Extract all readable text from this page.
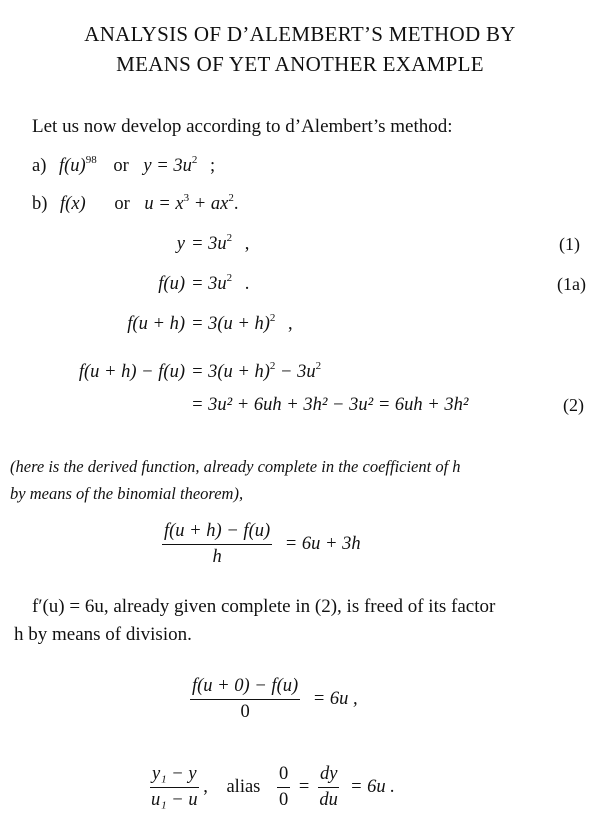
ANALYSIS OF D’ALEMBERT’S METHOD BY
MEANS OF YET ANOTHER EXAMPLE
Let us now develop according to d’Alembert’s method:
a) $f(u)^{98}$ or $y = 3u^2$ ;
b) f(x) or $u = x^3 + ax^2$.
$y = 3u^2$ ,	(1)
$f(u) = 3u^2$ .	(1a)
$f(u + h) = 3(u + h)^2$ ,
$f(u + h) - f(u) = 3(u + h)^2 - 3u^2$
= 3u² + 6uh + 3h² − 3u² = 6uh + 3h²	(2)
(here is the derived function, already complete in the coefficient of h
by means of the binomial theorem),
$\frac{f(u + h) - f(u)}{h} = 6u + 3h$
f′(u) = 6u, already given complete in (2), is freed of its factor
h by means of division.
$\frac{f(u + 0) - f(u)}{0} = 6u$ ,
$\frac{\text{y₁ − y}}{\text{u₁ − u}}$ , alias $\frac{0}{0} = \frac{dy}{du} = 6u$ .
